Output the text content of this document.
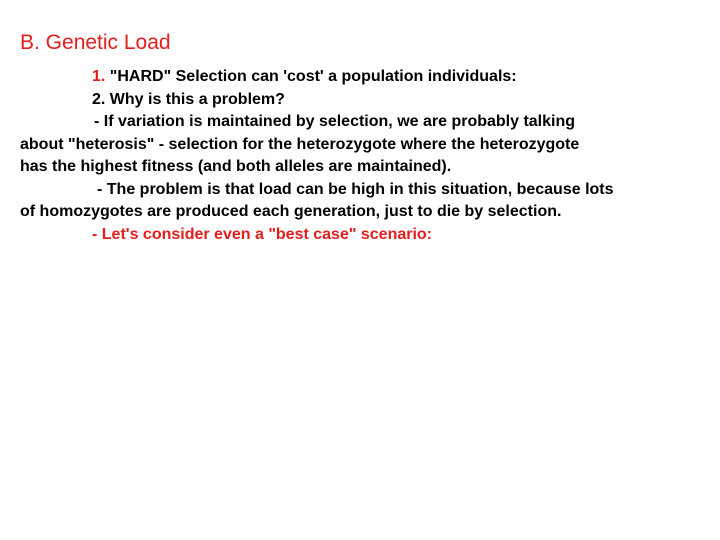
B. Genetic Load
1. "HARD" Selection can 'cost' a population individuals:
2. Why is this a problem?
- If variation is maintained by selection, we are probably talking
about "heterosis" - selection for the heterozygote where the heterozygote
has the highest fitness (and both alleles are maintained).
- The problem is that load can be high in this situation, because lots
of homozygotes are produced each generation, just to die by selection.
- Let's consider even a "best case" scenario:
